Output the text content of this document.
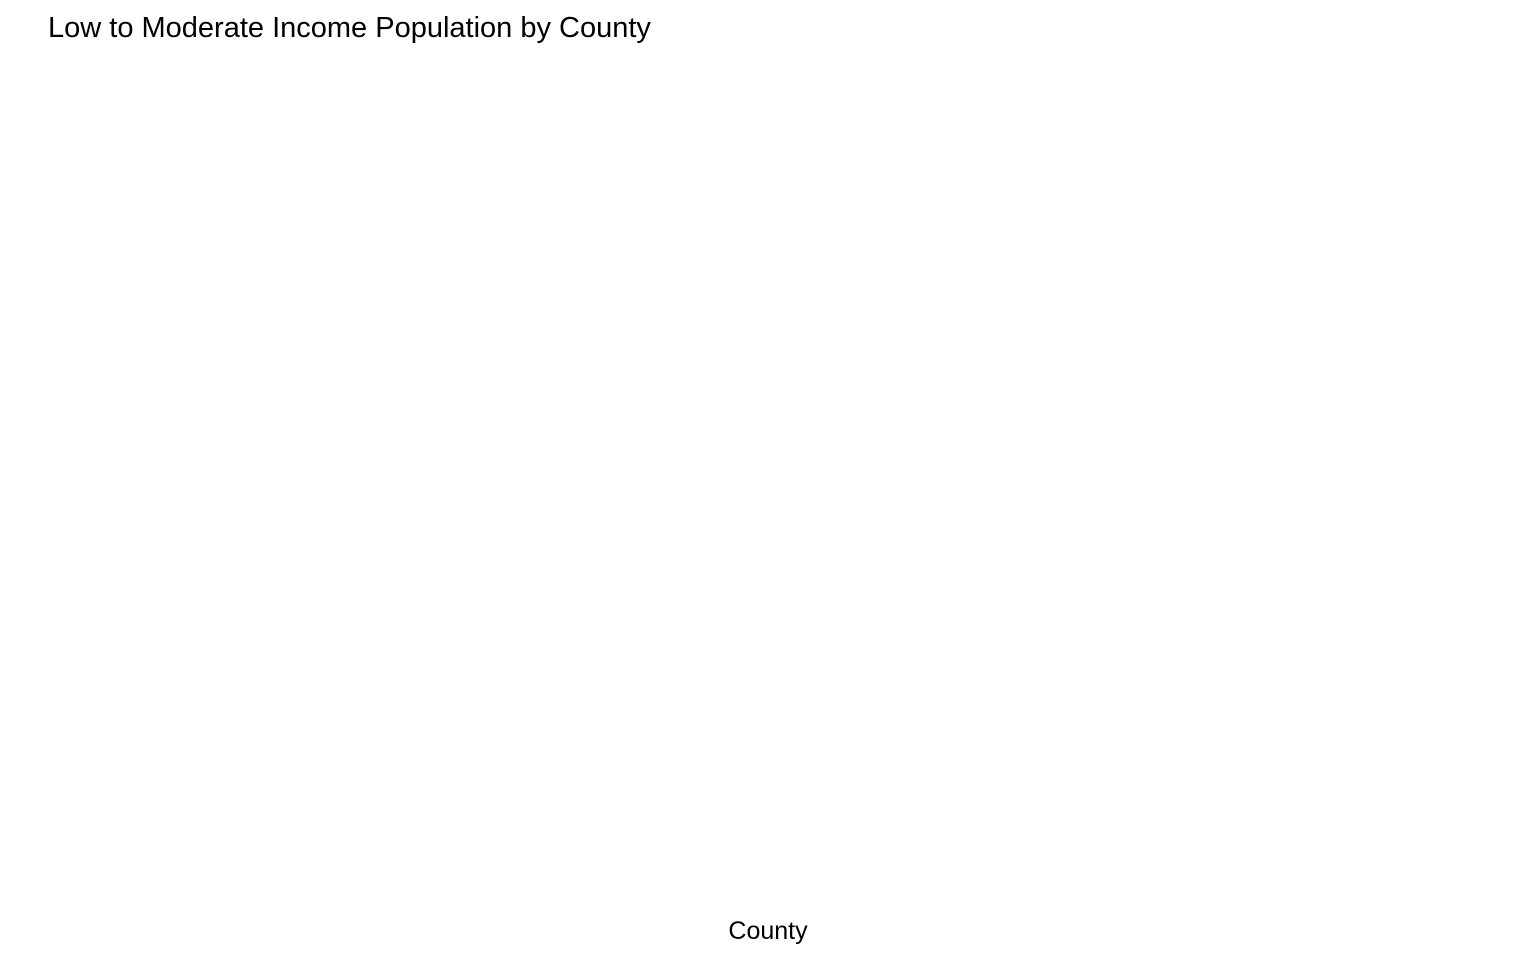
Low to Moderate Income Population by County
County
